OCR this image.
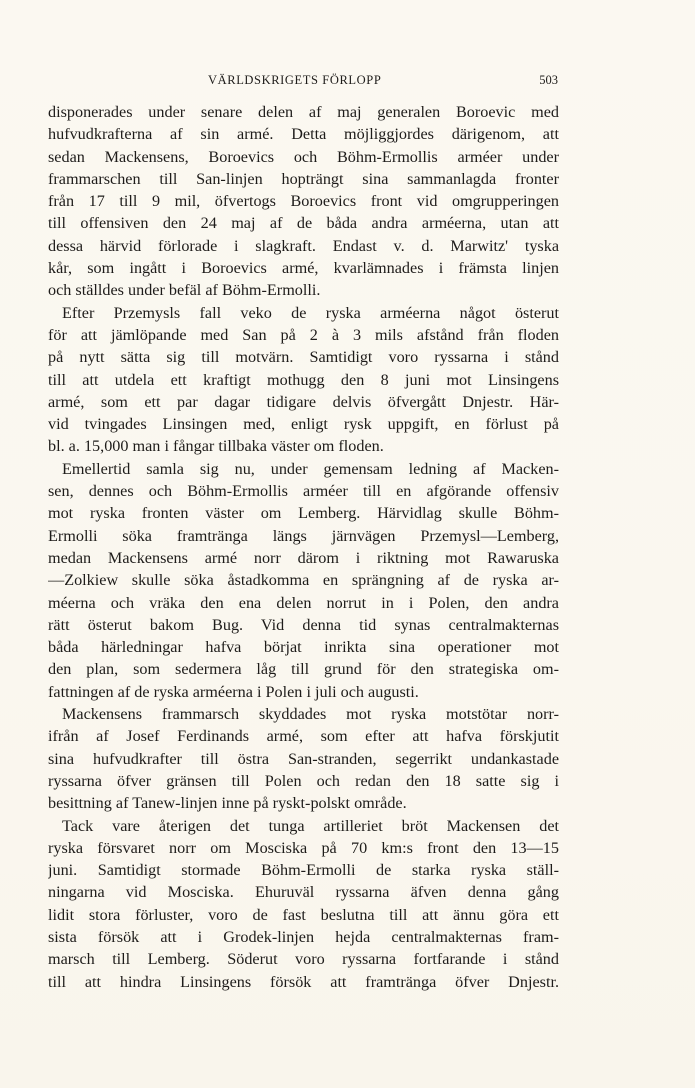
VÄRLDSKRIGETS FÖRLOPP	503
disponerades under senare delen af maj generalen Boroevic med
hufvudkrafterna af sin armé. Detta möjliggjordes därigenom, att
sedan Mackensens, Boroevics och Böhm-Ermollis arméer under
frammarschen till San-linjen hopträngt sina sammanlagda fronter
från 17 till 9 mil, öfvertogs Boroevics front vid omgrupperingen
till offensiven den 24 maj af de båda andra arméerna, utan att
dessa härvid förlorade i slagkraft. Endast v. d. Marwitz' tyska
kår, som ingått i Boroevics armé, kvarlämnades i främsta linjen
och ställdes under befäl af Böhm-Ermolli.
Efter Przemysls fall veko de ryska arméerna något österut
för att jämlöpande med San på 2 à 3 mils afstånd från floden
på nytt sätta sig till motvärn. Samtidigt voro ryssarna i stånd
till att utdela ett kraftigt mothugg den 8 juni mot Linsingens
armé, som ett par dagar tidigare delvis öfvergått Dnjestr. Här-
vid tvingades Linsingen med, enligt rysk uppgift, en förlust på
bl. a. 15,000 man i fångar tillbaka väster om floden.
Emellertid samla sig nu, under gemensam ledning af Macken-
sen, dennes och Böhm-Ermollis arméer till en afgörande offensiv
mot ryska fronten väster om Lemberg. Härvidlag skulle Böhm-
Ermolli söka framtränga längs järnvägen Przemysl—Lemberg,
medan Mackensens armé norr därom i riktning mot Rawaruska
—Zolkiew skulle söka åstadkomma en sprängning af de ryska ar-
méerna och vräka den ena delen norrut in i Polen, den andra
rätt österut bakom Bug. Vid denna tid synas centralmakternas
båda härledningar hafva börjat inrikta sina operationer mot
den plan, som sedermera låg till grund för den strategiska om-
fattningen af de ryska arméerna i Polen i juli och augusti.
Mackensens frammarsch skyddades mot ryska motstötar norr-
ifrån af Josef Ferdinands armé, som efter att hafva förskjutit
sina hufvudkrafter till östra San-stranden, segerrikt undankastade
ryssarna öfver gränsen till Polen och redan den 18 satte sig i
besittning af Tanew-linjen inne på ryskt-polskt område.
Tack vare återigen det tunga artilleriet bröt Mackensen det
ryska försvaret norr om Mosciska på 70 km:s front den 13—15
juni. Samtidigt stormade Böhm-Ermolli de starka ryska ställ-
ningarna vid Mosciska. Ehuruväl ryssarna äfven denna gång
lidit stora förluster, voro de fast beslutna till att ännu göra ett
sista försök att i Grodek-linjen hejda centralmakternas fram-
marsch till Lemberg. Söderut voro ryssarna fortfarande i stånd
till att hindra Linsingens försök att framtränga öfver Dnjestr.
